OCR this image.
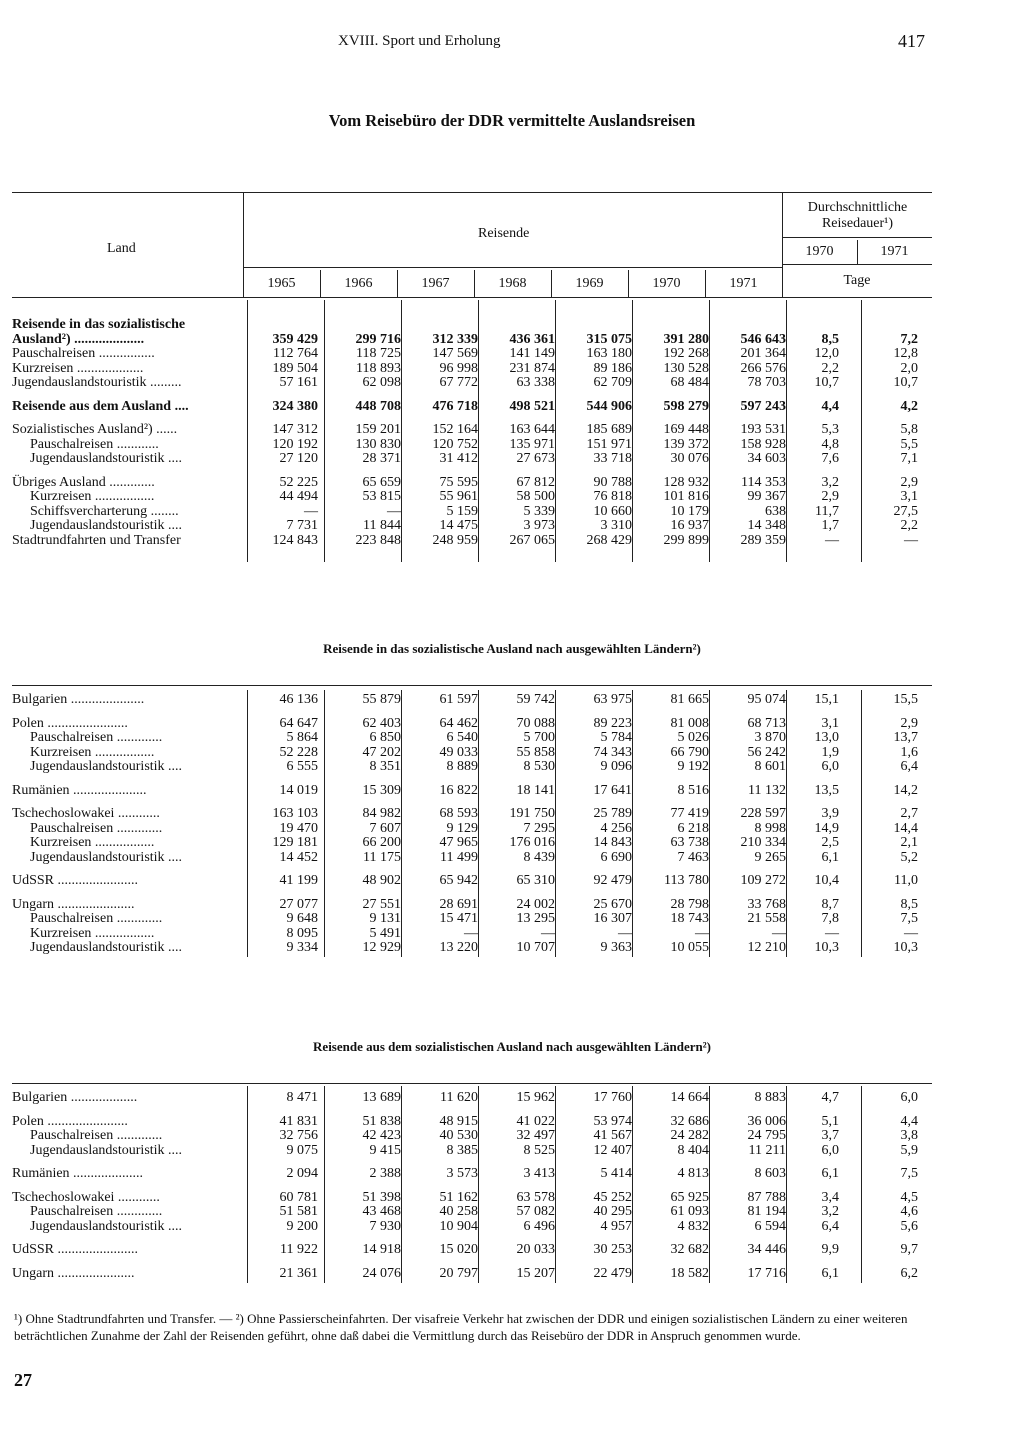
XVIII. Sport und Erholung	417
Vom Reisebüro der DDR vermittelte Auslandsreisen
Land
Reisende
Durchschnittliche Reisedauer¹)
1970	1971
1965	1966	1967	1968	1969	1970	1971	Tage
Reisende in das sozialistische									
Ausland²) ....................	359 429	299 716	312 339	436 361	315 075	391 280	546 643	8,5	7,2
Pauschalreisen ................	112 764	118 725	147 569	141 149	163 180	192 268	201 364	12,0	12,8
Kurzreisen ...................	189 504	118 893	96 998	231 874	89 186	130 528	266 576	2,2	2,0
Jugendauslandstouristik .........	57 161	62 098	67 772	63 338	62 709	68 484	78 703	10,7	10,7
Reisende aus dem Ausland ....	324 380	448 708	476 718	498 521	544 906	598 279	597 243	4,4	4,2
Sozialistisches Ausland²) ......	147 312	159 201	152 164	163 644	185 689	169 448	193 531	5,3	5,8
Pauschalreisen ............	120 192	130 830	120 752	135 971	151 971	139 372	158 928	4,8	5,5
Jugendauslandstouristik ....	27 120	28 371	31 412	27 673	33 718	30 076	34 603	7,6	7,1
Übriges Ausland .............	52 225	65 659	75 595	67 812	90 788	128 932	114 353	3,2	2,9
Kurzreisen .................	44 494	53 815	55 961	58 500	76 818	101 816	99 367	2,9	3,1
Schiffsvercharterung ........	—	—	5 159	5 339	10 660	10 179	638	11,7	27,5
Jugendauslandstouristik ....	7 731	11 844	14 475	3 973	3 310	16 937	14 348	1,7	2,2
Stadtrundfahrten und Transfer	124 843	223 848	248 959	267 065	268 429	299 899	289 359	—	—
Reisende in das sozialistische Ausland nach ausgewählten Ländern²)
Bulgarien .....................	46 136	55 879	61 597	59 742	63 975	81 665	95 074	15,1	15,5
Polen .......................	64 647	62 403	64 462	70 088	89 223	81 008	68 713	3,1	2,9
Pauschalreisen .............	5 864	6 850	6 540	5 700	5 784	5 026	3 870	13,0	13,7
Kurzreisen .................	52 228	47 202	49 033	55 858	74 343	66 790	56 242	1,9	1,6
Jugendauslandstouristik ....	6 555	8 351	8 889	8 530	9 096	9 192	8 601	6,0	6,4
Rumänien .....................	14 019	15 309	16 822	18 141	17 641	8 516	11 132	13,5	14,2
Tschechoslowakei ............	163 103	84 982	68 593	191 750	25 789	77 419	228 597	3,9	2,7
Pauschalreisen .............	19 470	7 607	9 129	7 295	4 256	6 218	8 998	14,9	14,4
Kurzreisen .................	129 181	66 200	47 965	176 016	14 843	63 738	210 334	2,5	2,1
Jugendauslandstouristik ....	14 452	11 175	11 499	8 439	6 690	7 463	9 265	6,1	5,2
UdSSR .......................	41 199	48 902	65 942	65 310	92 479	113 780	109 272	10,4	11,0
Ungarn ......................	27 077	27 551	28 691	24 002	25 670	28 798	33 768	8,7	8,5
Pauschalreisen .............	9 648	9 131	15 471	13 295	16 307	18 743	21 558	7,8	7,5
Kurzreisen .................	8 095	5 491	—	—	—	—	—	—	—
Jugendauslandstouristik ....	9 334	12 929	13 220	10 707	9 363	10 055	12 210	10,3	10,3
Reisende aus dem sozialistischen Ausland nach ausgewählten Ländern²)
Bulgarien ...................	8 471	13 689	11 620	15 962	17 760	14 664	8 883	4,7	6,0
Polen .......................	41 831	51 838	48 915	41 022	53 974	32 686	36 006	5,1	4,4
Pauschalreisen .............	32 756	42 423	40 530	32 497	41 567	24 282	24 795	3,7	3,8
Jugendauslandstouristik ....	9 075	9 415	8 385	8 525	12 407	8 404	11 211	6,0	5,9
Rumänien ....................	2 094	2 388	3 573	3 413	5 414	4 813	8 603	6,1	7,5
Tschechoslowakei ............	60 781	51 398	51 162	63 578	45 252	65 925	87 788	3,4	4,5
Pauschalreisen .............	51 581	43 468	40 258	57 082	40 295	61 093	81 194	3,2	4,6
Jugendauslandstouristik ....	9 200	7 930	10 904	6 496	4 957	4 832	6 594	6,4	5,6
UdSSR .......................	11 922	14 918	15 020	20 033	30 253	32 682	34 446	9,9	9,7
Ungarn ......................	21 361	24 076	20 797	15 207	22 479	18 582	17 716	6,1	6,2
¹) Ohne Stadtrundfahrten und Transfer. — ²) Ohne Passierscheinfahrten. Der visafreie Verkehr hat zwischen der DDR und einigen sozialistischen Ländern zu einer weiteren beträchtlichen Zunahme der Zahl der Reisenden geführt, ohne daß dabei die Vermittlung durch das Reisebüro der DDR in Anspruch genommen wurde.
27
